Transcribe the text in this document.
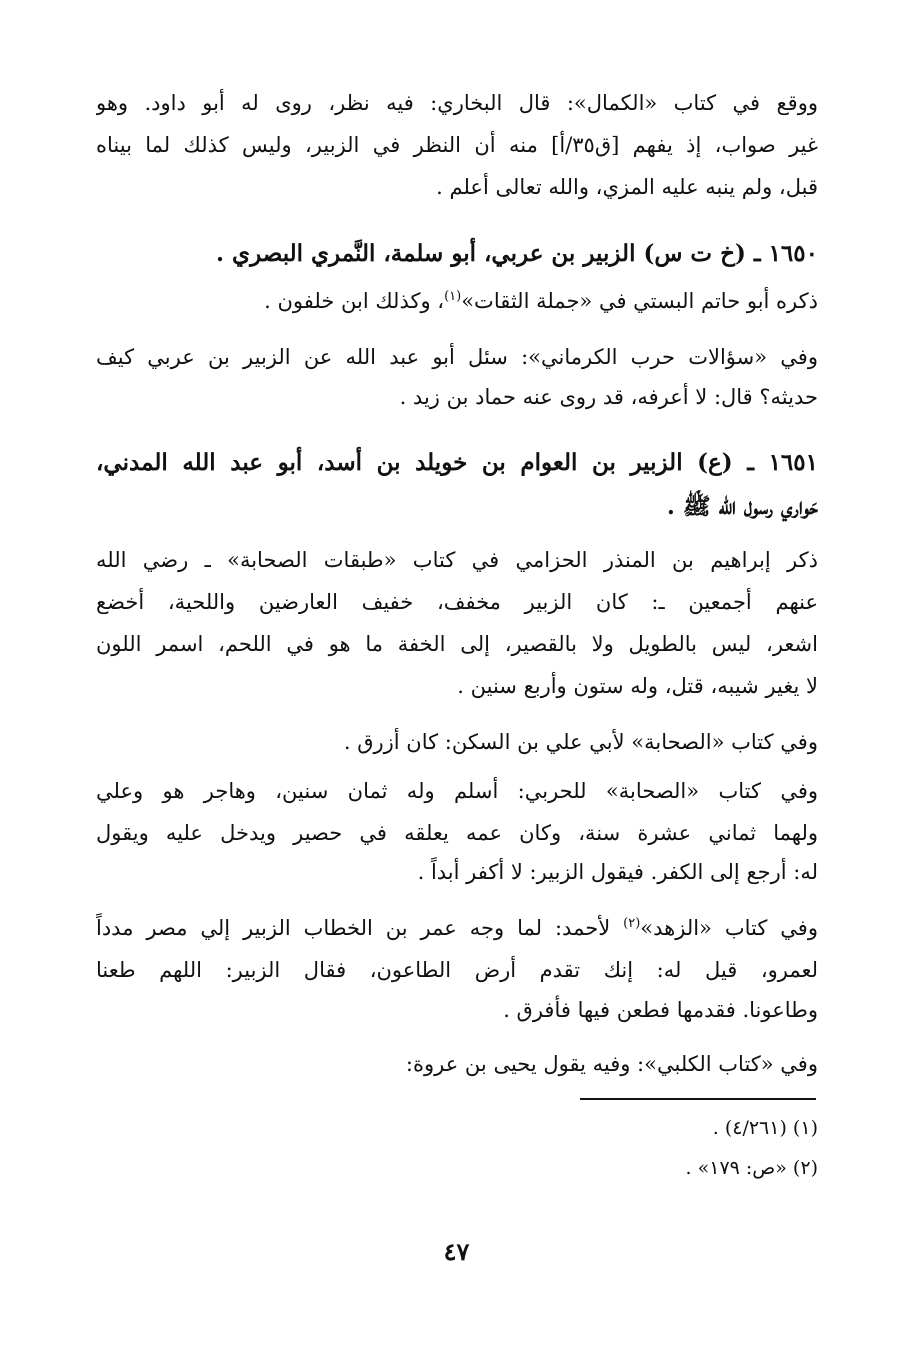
ووقع في كتاب «الكمال»: قال البخاري: فيه نظر، روى له أبو داود. وهو
غير صواب، إذ يفهم [ق٣٥/أ] منه أن النظر في الزبير، وليس كذلك لما بيناه
قبل، ولم ينبه عليه المزي، والله تعالى أعلم .
١٦٥٠ ـ (خ ت س) الزبير بن عربي، أبو سلمة، النَّمري البصري .
ذكره أبو حاتم البستي في «جملة الثقات»$^{(١)}$، وكذلك ابن خلفون .
وفي «سؤالات حرب الكرماني»: سئل أبو عبد الله عن الزبير بن عربي كيف
حديثه؟ قال: لا أعرفه، قد روى عنه حماد بن زيد .
١٦٥١ ـ (ع) الزبير بن العوام بن خويلد بن أسد، أبو عبد الله المدني،
حَواري رسول الله ﷺ .
ذكر إبراهيم بن المنذر الحزامي في كتاب «طبقات الصحابة» ـ رضي الله
عنهم أجمعين ـ: كان الزبير مخفف، خفيف العارضين واللحية، أخضع
اشعر، ليس بالطويل ولا بالقصير، إلى الخفة ما هو في اللحم، اسمر اللون
لا يغير شيبه، قتل، وله ستون وأربع سنين .
وفي كتاب «الصحابة» لأبي علي بن السكن: كان أزرق .
وفي كتاب «الصحابة» للحربي: أسلم وله ثمان سنين، وهاجر هو وعلي
ولهما ثماني عشرة سنة، وكان عمه يعلقه في حصير ويدخل عليه ويقول
له: أرجع إلى الكفر. فيقول الزبير: لا أكفر أبداً .
وفي كتاب «الزهد»$^{(٢)}$ لأحمد: لما وجه عمر بن الخطاب الزبير إلي مصر مدداً
لعمرو، قيل له: إنك تقدم أرض الطاعون، فقال الزبير: اللهم طعنا
وطاعونا. فقدمها فطعن فيها فأفرق .
وفي «كتاب الكلبي»: وفيه يقول يحيى بن عروة:
(١) (٤/٢٦١) .
(٢) «ص: ١٧٩» .
٤٧
